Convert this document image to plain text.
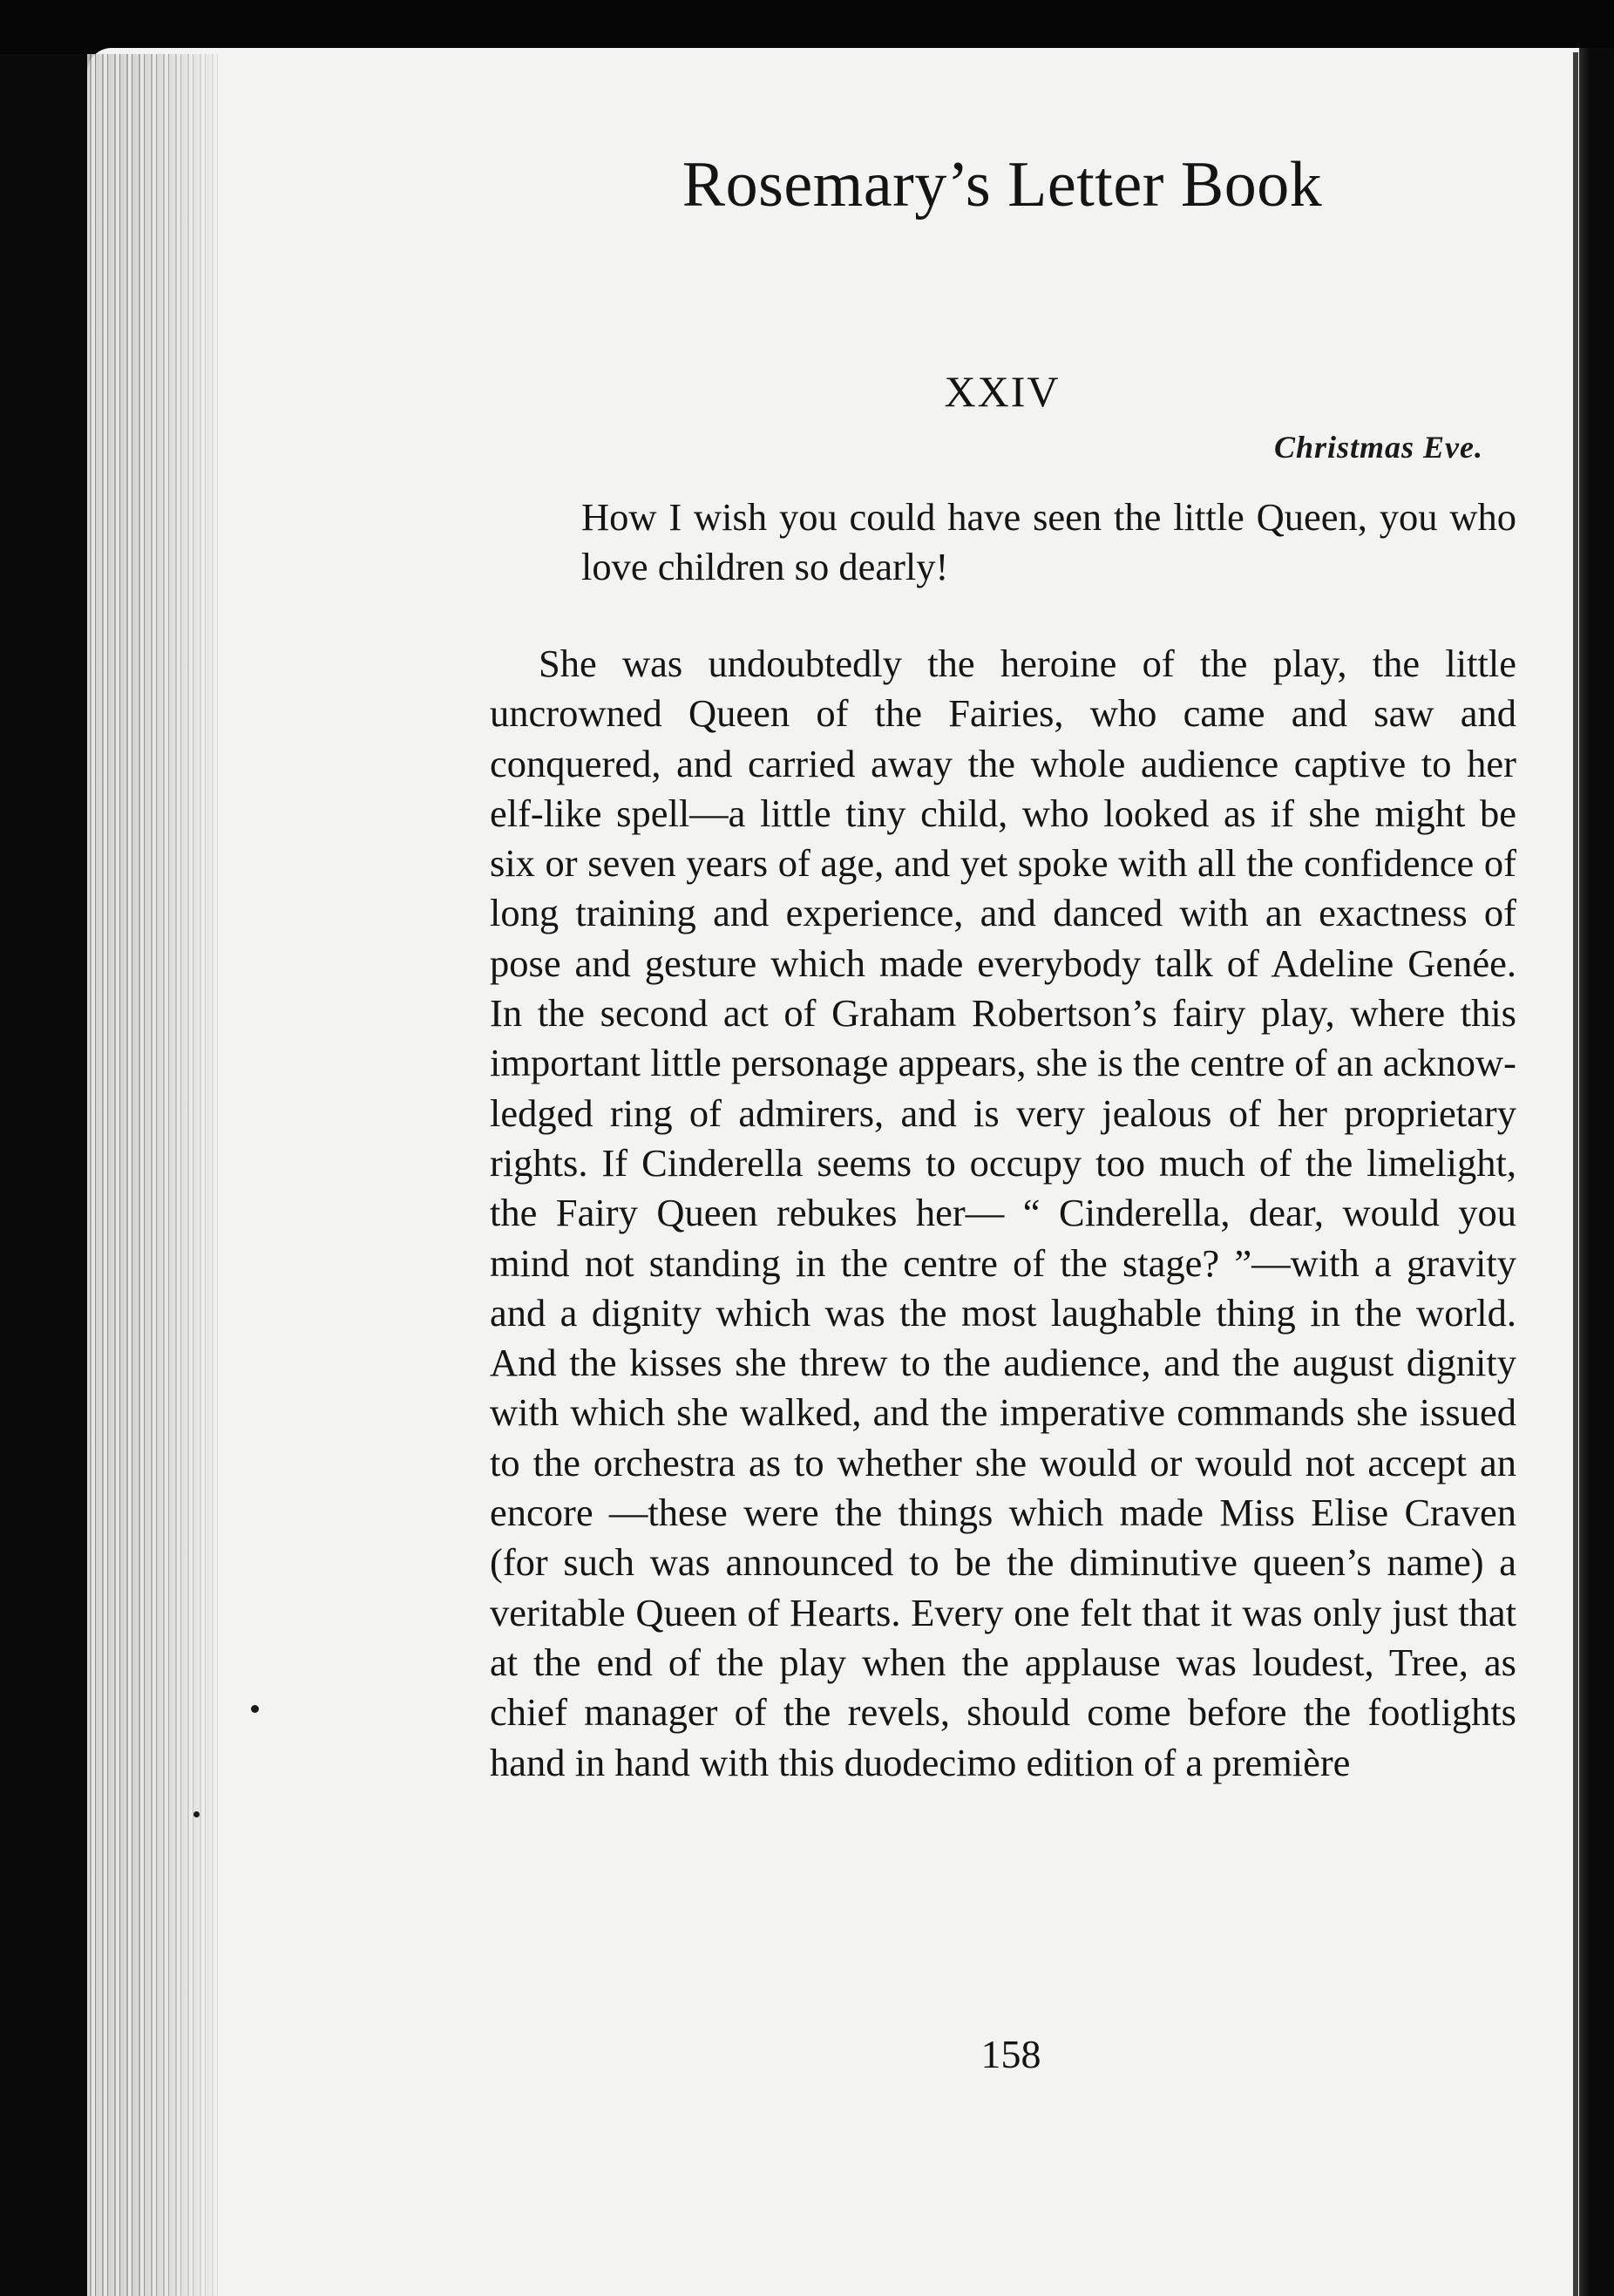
Rosemary’s Letter Book
XXIV
Christmas Eve.
How I wish you could have seen the little Queen, you who love children so dearly!
She was undoubtedly the heroine of the play, the little uncrowned Queen of the Fairies, who came and saw and conquered, and carried away the whole audience captive to her elf-like spell—a little tiny child, who looked as if she might be six or seven years of age, and yet spoke with all the confidence of long training and experience, and danced with an exactness of pose and gesture which made everybody talk of Adeline Genée. In the second act of Graham Robertson’s fairy play, where this important little personage appears, she is the centre of an acknowledged ring of admirers, and is very jealous of her proprietary rights. If Cinderella seems to occupy too much of the limelight, the Fairy Queen rebukes her— “ Cinderella, dear, would you mind not standing in the centre of the stage? ”—with a gravity and a dignity which was the most laughable thing in the world. And the kisses she threw to the audience, and the august dignity with which she walked, and the imperative commands she issued to the orchestra as to whether she would or would not accept an encore —these were the things which made Miss Elise Craven (for such was announced to be the diminutive queen’s name) a veritable Queen of Hearts. Every one felt that it was only just that at the end of the play when the applause was loudest, Tree, as chief manager of the revels, should come before the footlights hand in hand with this duodecimo edition of a première
158
